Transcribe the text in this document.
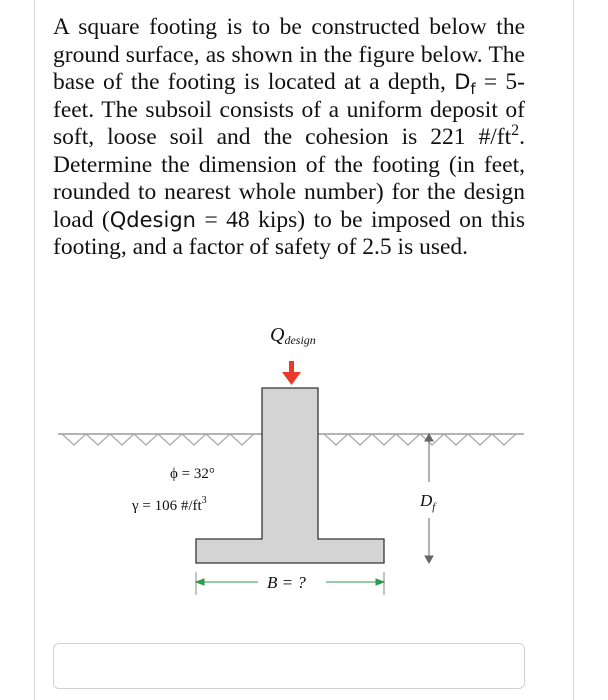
A square footing is to be constructed below the ground surface, as shown in the figure below. The base of the footing is located at a depth, $D_f$ = 5-feet. The subsoil consists of a uniform deposit of soft, loose soil and the cohesion is 221 $\#/ft^2$. Determine the dimension of the footing (in feet, rounded to nearest whole number) for the design load (Qdesign = 48 kips) to be imposed on this footing, and a factor of safety of 2.5 is used.

Qdesign
ϕ = 32°
γ = 106 $\#/ft^3$	$D_f$
B = ?
